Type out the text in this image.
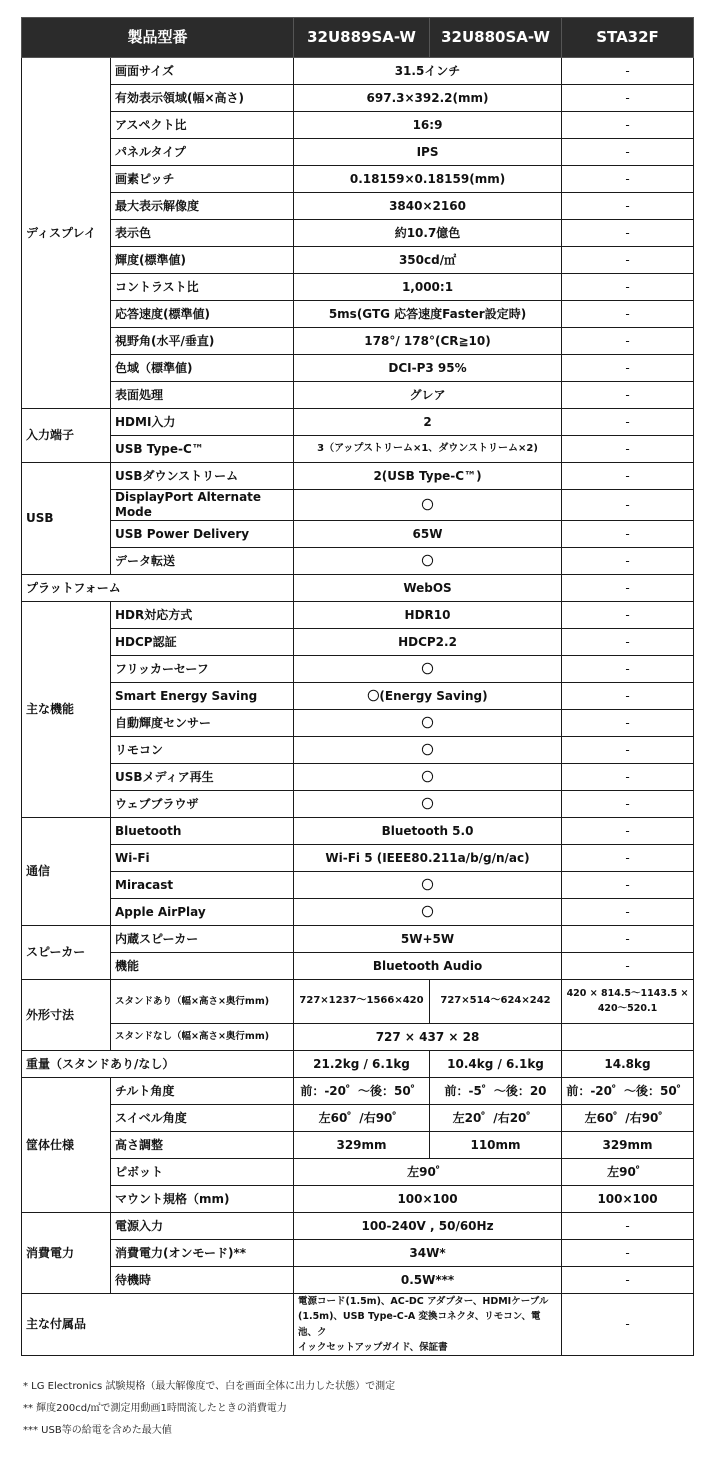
製品型番		32U889SA-W	32U880SA-W	STA32F
ディスプレイ	画面サイズ	31.5インチ		-
	有効表示領域(幅×高さ)	697.3×392.2(mm)		-
	アスペクト比	16:9		-
	パネルタイプ	IPS		-
	画素ピッチ	0.18159×0.18159(mm)		-
	最大表示解像度	3840×2160		-
	表示色	約10.7億色		-
	輝度(標準値)	350cd/㎡		-
	コントラスト比	1,000:1		-
	応答速度(標準値)	5ms(GTG 応答速度Faster設定時)		-
	視野角(水平/垂直)	178°/ 178°(CR≧10)		-
	色域（標準値)	DCI-P3 95%		-
	表面処理	グレア		-
入力端子	HDMI入力	2		-
	USB Type-C™	3（アップストリーム×1、ダウンストリーム×2)		-
USB	USBダウンストリーム	2(USB Type-C™)		-
	DisplayPort Alternate Mode	〇		-
	USB Power Delivery	65W		-
	データ転送	〇		-
プラットフォーム		WebOS		-
主な機能	HDR対応方式	HDR10		-
	HDCP認証	HDCP2.2		-
	フリッカーセーフ	〇		-
	Smart Energy Saving	〇(Energy Saving)		-
	自動輝度センサー	〇		-
	リモコン	〇		-
	USBメディア再生	〇		-
	ウェブブラウザ	〇		-
通信	Bluetooth	Bluetooth 5.0		-
	Wi-Fi	Wi-Fi 5 (IEEE80.211a/b/g/n/ac)		-
	Miracast	〇		-
	Apple AirPlay	〇		-
スピーカー	内蔵スピーカー	5W+5W		-
	機能	Bluetooth Audio		-
外形寸法	スタンドあり（幅×高さ×奥行mm)	727×1237〜1566×420	727×514〜624×242	420 × 814.5〜1143.5 × 420〜520.1
	スタンドなし（幅×高さ×奥行mm)	727 × 437 × 28		
重量（スタンドあり/なし）		21.2kg / 6.1kg	10.4kg / 6.1kg	14.8kg
筐体仕様	チルト角度	前：-20゜〜後：50゜	前：-5゜〜後：20	前：-20゜〜後：50゜
	スイベル角度	左60゜/右90゜	左20゜/右20゜	左60゜/右90゜
	高さ調整	329mm	110mm	329mm
	ピボット	左90゜		左90゜
	マウント規格（mm)	100×100		100×100
消費電力	電源入力	100-240V , 50/60Hz		-
	消費電力(オンモード)**	34W*		-
	待機時	0.5W***		-
主な付属品		電源コード(1.5m)、AC-DC アダプター、HDMIケーブル
(1.5m)、USB Type-C-A 変換コネクタ、リモコン、電池、ク
イックセットアップガイド、保証書		-
* LG Electronics 試験規格（最大解像度で、白を画面全体に出力した状態）で測定
** 輝度200cd/㎡で測定用動画1時間流したときの消費電力
*** USB等の給電を含めた最大値
